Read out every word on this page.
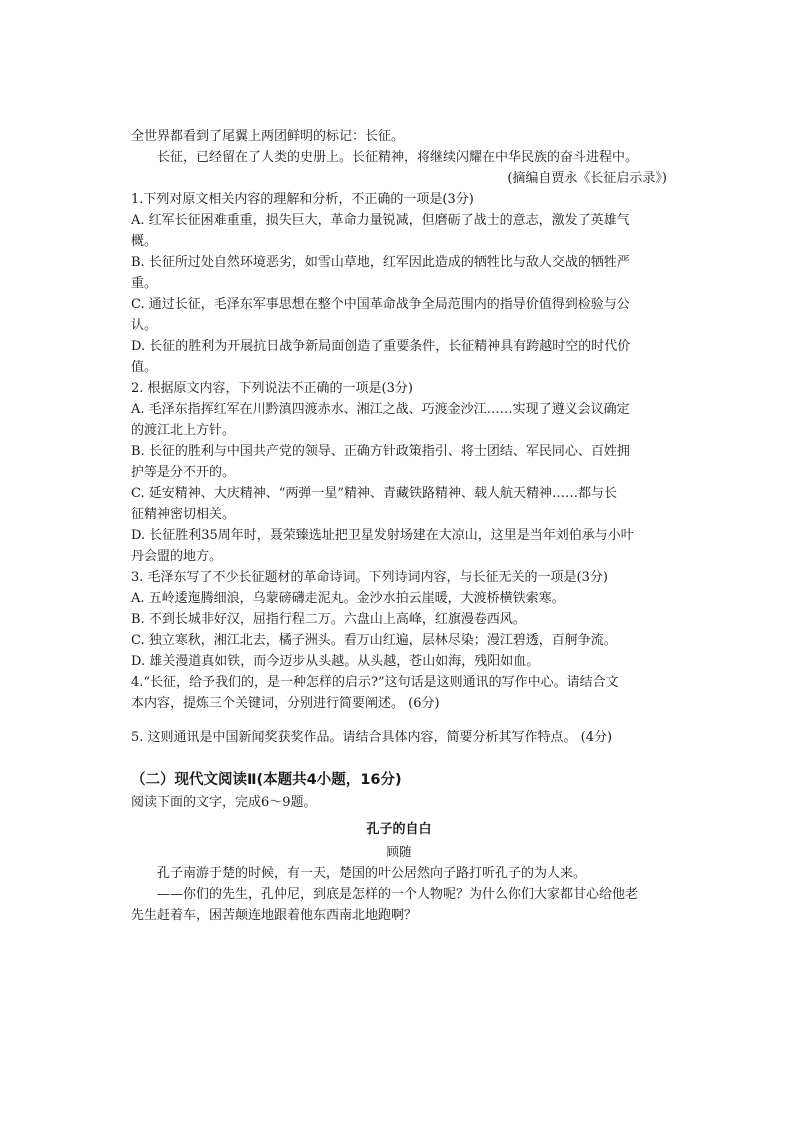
全世界都看到了尾翼上两团鲜明的标记：长征。
长征，已经留在了人类的史册上。长征精神，将继续闪耀在中华民族的奋斗进程中。
(摘编自贾永《长征启示录》)
1.下列对原文相关内容的理解和分析，不正确的一项是(3分)
A. 红军长征困难重重，损失巨大，革命力量锐减，但磨砺了战士的意志，激发了英雄气
概。
B. 长征所过处自然环境恶劣，如雪山草地，红军因此造成的牺牲比与敌人交战的牺牲严
重。
C. 通过长征，毛泽东军事思想在整个中国革命战争全局范围内的指导价值得到检验与公
认。
D. 长征的胜利为开展抗日战争新局面创造了重要条件，长征精神具有跨越时空的时代价
值。
2. 根据原文内容，下列说法不正确的一项是(3分)
A. 毛泽东指挥红军在川黔滇四渡赤水、湘江之战、巧渡金沙江……实现了遵义会议确定
的渡江北上方针。
B. 长征的胜利与中国共产党的领导、正确方针政策指引、将士团结、军民同心、百姓拥
护等是分不开的。
C. 延安精神、大庆精神、“两弹一星”精神、青藏铁路精神、载人航天精神……都与长
征精神密切相关。
D. 长征胜利35周年时，聂荣臻选址把卫星发射场建在大凉山，这里是当年刘伯承与小叶
丹会盟的地方。
3. 毛泽东写了不少长征题材的革命诗词。下列诗词内容，与长征无关的一项是(3分)
A. 五岭逶迤腾细浪，乌蒙磅礴走泥丸。金沙水拍云崖暖，大渡桥横铁索寒。
B. 不到长城非好汉，屈指行程二万。六盘山上高峰，红旗漫卷西风。
C. 独立寒秋，湘江北去，橘子洲头。看万山红遍，层林尽染；漫江碧透，百舸争流。
D. 雄关漫道真如铁，而今迈步从头越。从头越，苍山如海，残阳如血。
4.“长征，给予我们的，是一种怎样的启示?”这句话是这则通讯的写作中心。请结合文
本内容，提炼三个关键词，分别进行简要阐述。 (6分)
5. 这则通讯是中国新闻奖获奖作品。请结合具体内容，简要分析其写作特点。 (4分)
（二）现代文阅读Ⅱ(本题共4小题，16分)
阅读下面的文字，完成6～9题。
孔子的自白
顾随
孔子南游于楚的时候，有一天，楚国的叶公居然向子路打听孔子的为人来。
——你们的先生，孔仲尼，到底是怎样的一个人物呢？为什么你们大家都甘心给他老
先生赶着车，困苦颠连地跟着他东西南北地跑啊？
